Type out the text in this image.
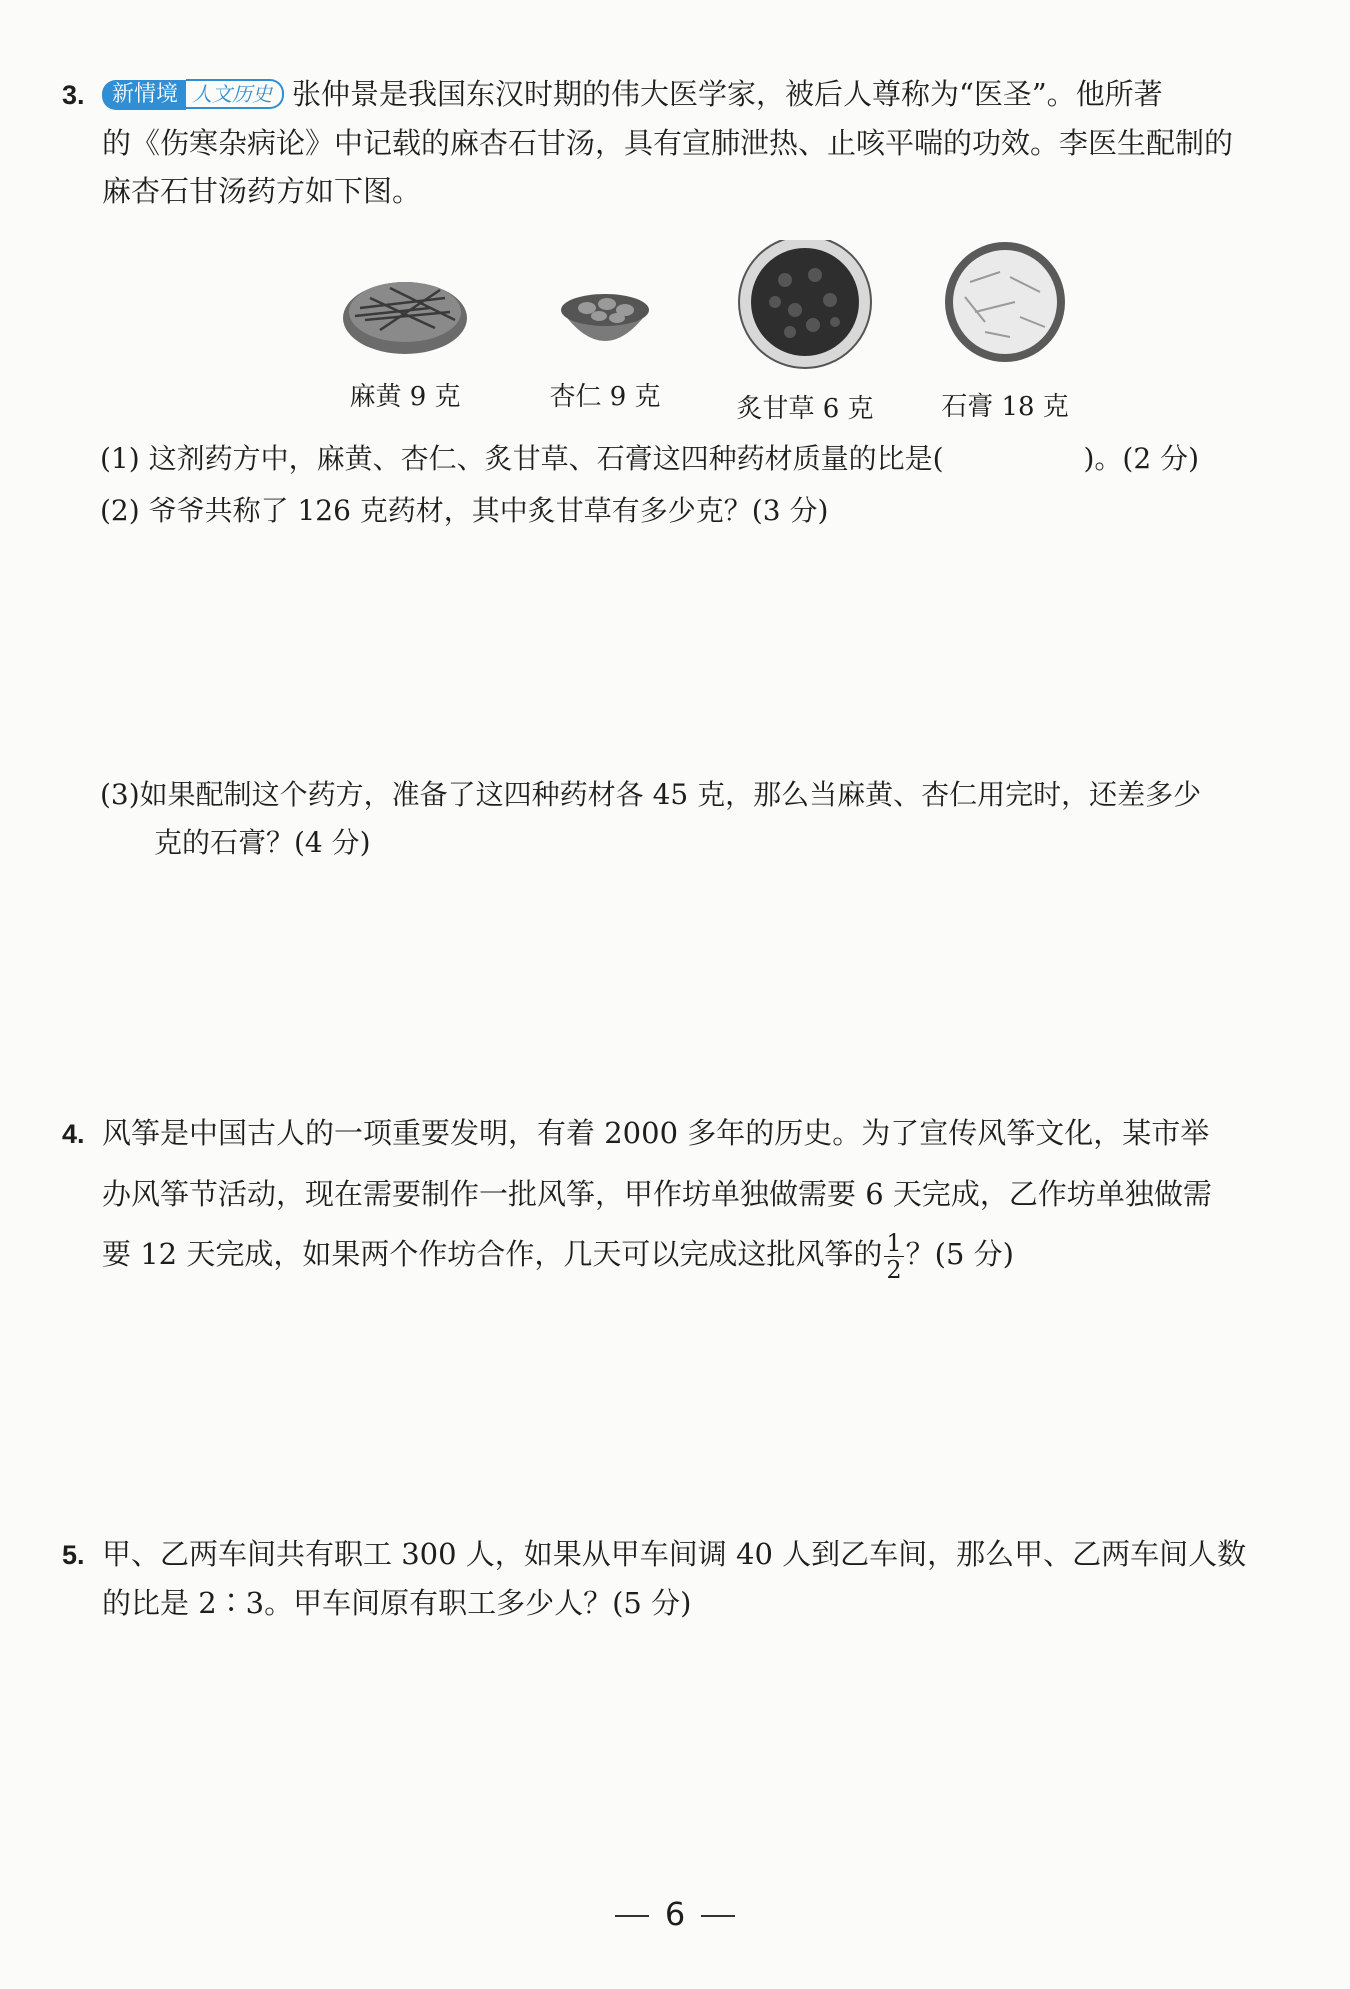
3. 新情境 人文历史 张仲景是我国东汉时期的伟大医学家，被后人尊称为“医圣”。他所著
的《伤寒杂病论》中记载的麻杏石甘汤，具有宣肺泄热、止咳平喘的功效。李医生配制的
麻杏石甘汤药方如下图。
麻黄 9 克	杏仁 9 克	炙甘草 6 克	石膏 18 克
(1) 这剂药方中，麻黄、杏仁、炙甘草、石膏这四种药材质量的比是(	)。(2 分)
(2) 爷爷共称了 126 克药材，其中炙甘草有多少克？(3 分)
(3)如果配制这个药方，准备了这四种药材各 45 克，那么当麻黄、杏仁用完时，还差多少
克的石膏？(4 分)
4. 风筝是中国古人的一项重要发明，有着 2000 多年的历史。为了宣传风筝文化，某市举
办风筝节活动，现在需要制作一批风筝，甲作坊单独做需要 6 天完成，乙作坊单独做需
要 12 天完成，如果两个作坊合作，几天可以完成这批风筝的 $\frac{1}{2}$ ？(5 分)
5. 甲、乙两车间共有职工 300 人，如果从甲车间调 40 人到乙车间，那么甲、乙两车间人数
的比是 2∶3。甲车间原有职工多少人？(5 分)
6
